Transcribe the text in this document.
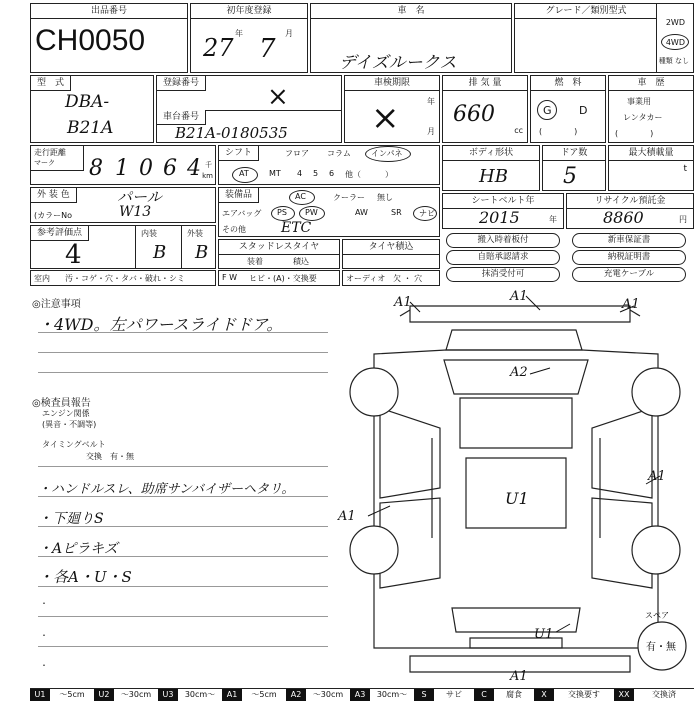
出品番号
CH0050
初年度登録
27
年
7
月
車　名
デイズルークス
グレード／類別型式
2WD
4WD
種類 なし
型　式
DBA-
B21A
登録番号	×
車台番号
B21A-0180535
車検期限
×	年
月
排 気 量
660
cc
燃　料
G D
(　　　　)
車　歴
事業用
レンタカー
(　　　　)
走行距離
マーク 8 1 0 6 4 千
km
シフト	フロア コラム	インパネ
AT	MT 4 5 6 他（　　　）
ボディ形状
HB
ドア数
5
最大積載量
t
外 装 色	パール
(カラーNo	W13
装備品	AC	クーラー 無し
エアバッグ PS PW	AW	SR ナビ
その他	ETC
シートベルト年
2015	年
リサイクル預託金
8860	円
参考評価点
4
内装
B
外装
B	スタッドレスタイヤ
装着	積込
タイヤ積込
搬入時着板付	新車保証書
自賠承認請求	納税証明書
抹消受付可	充電ケーブル
室内 汚・コゲ・穴・タバ・破れ・シミ	F W ヒビ・(A)・交換要	オーディオ 欠 ・ 穴
◎注意事項
・4WD。左パワースライドドア。
◎検査員報告
エンジン関係
(異音・不調等)
タイミングベルト
交換　有・無
・ハンドルスレ、助席サンバイザーヘタリ。
・下廻りS
・Aピラキズ
・各A・U・S
・
・
・
A1	A1
A1
A2
U1
A1
A1
U1
A1
スペア
有・無
U1	〜5cm	U2	〜30cm	U3	30cm〜	A1	〜5cm	A2	〜30cm	A3	30cm〜	S	サビ	C	腐食	X	交換要す	XX	交換済
